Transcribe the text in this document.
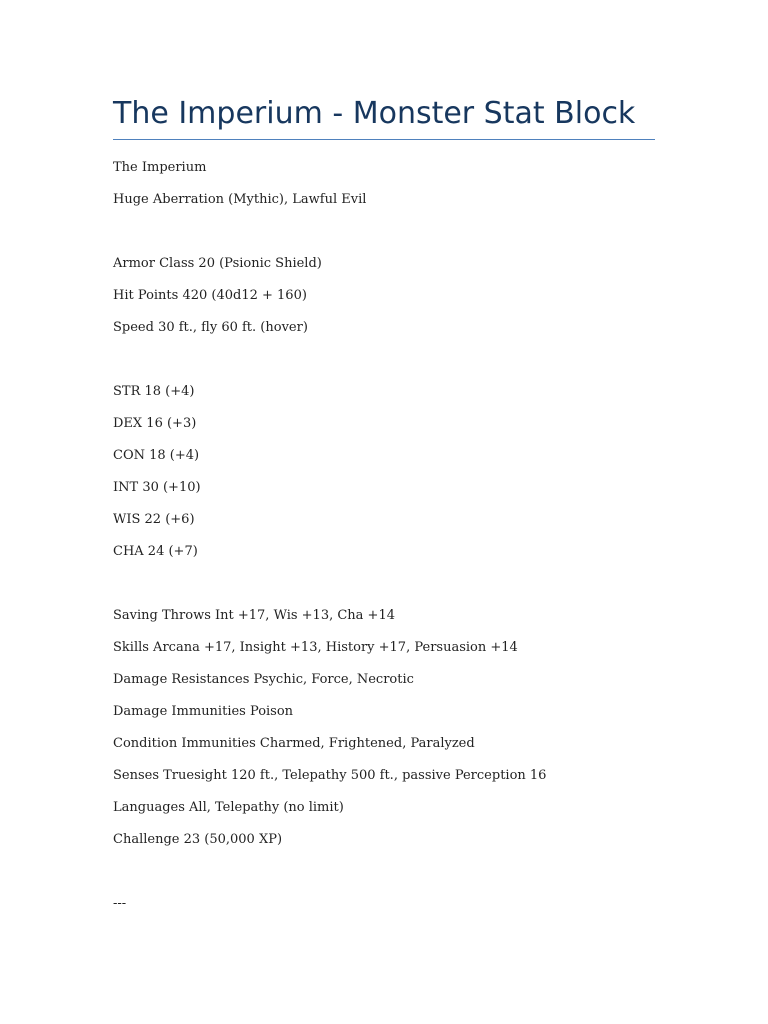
The Imperium - Monster Stat Block

The Imperium

Huge Aberration (Mythic), Lawful Evil

Armor Class 20 (Psionic Shield)

Hit Points 420 (40d12 + 160)

Speed 30 ft., fly 60 ft. (hover)

STR 18 (+4)

DEX 16 (+3)

CON 18 (+4)

INT 30 (+10)

WIS 22 (+6)

CHA 24 (+7)

Saving Throws Int +17, Wis +13, Cha +14

Skills Arcana +17, Insight +13, History +17, Persuasion +14

Damage Resistances Psychic, Force, Necrotic

Damage Immunities Poison

Condition Immunities Charmed, Frightened, Paralyzed

Senses Truesight 120 ft., Telepathy 500 ft., passive Perception 16

Languages All, Telepathy (no limit)

Challenge 23 (50,000 XP)

---
